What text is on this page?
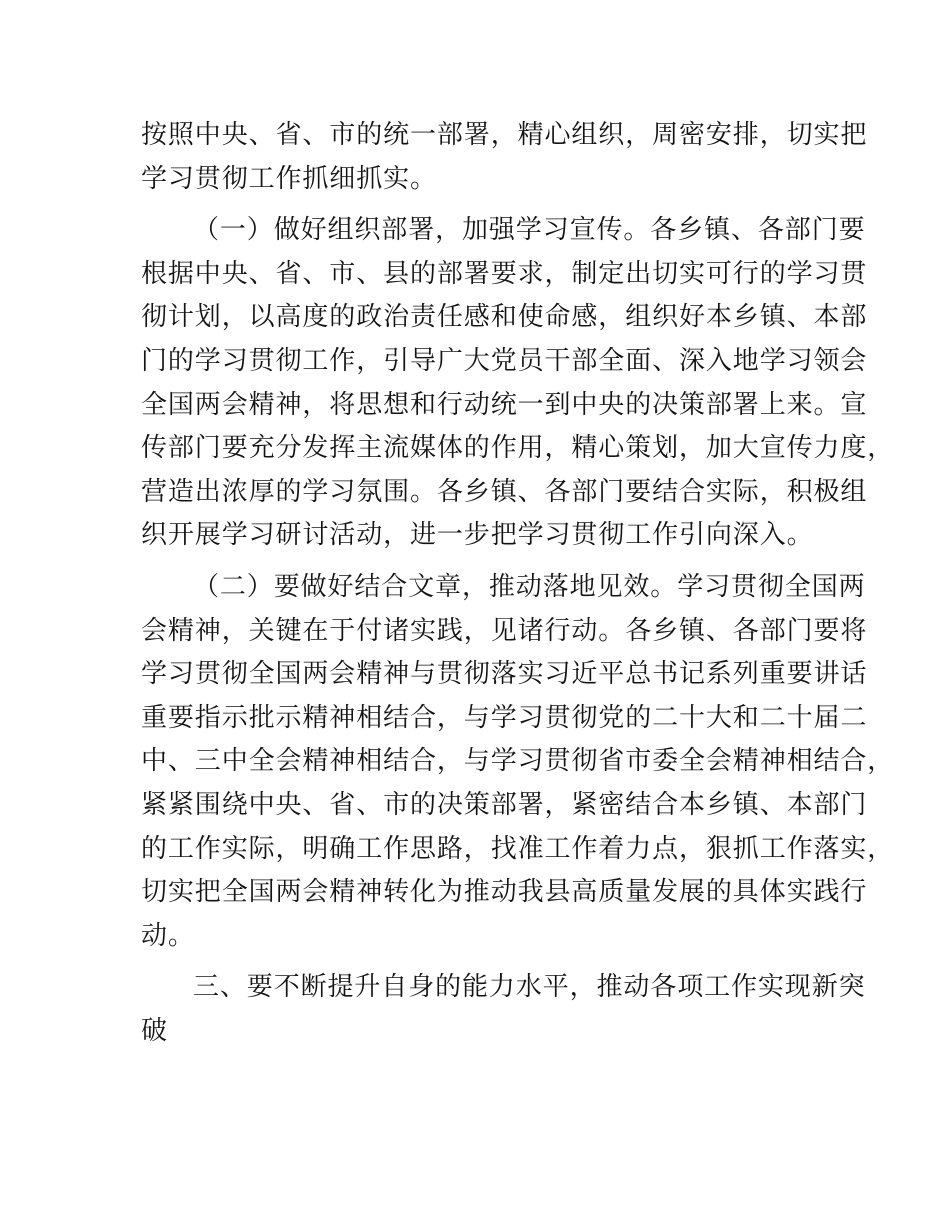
按照中央、省、市的统一部署，精心组织，周密安排，切实把
学习贯彻工作抓细抓实。
（一）做好组织部署，加强学习宣传。各乡镇、各部门要
根据中央、省、市、县的部署要求，制定出切实可行的学习贯
彻计划，以高度的政治责任感和使命感，组织好本乡镇、本部
门的学习贯彻工作，引导广大党员干部全面、深入地学习领会
全国两会精神，将思想和行动统一到中央的决策部署上来。宣
传部门要充分发挥主流媒体的作用，精心策划，加大宣传力度，
营造出浓厚的学习氛围。各乡镇、各部门要结合实际，积极组
织开展学习研讨活动，进一步把学习贯彻工作引向深入。
（二）要做好结合文章，推动落地见效。学习贯彻全国两
会精神，关键在于付诸实践，见诸行动。各乡镇、各部门要将
学习贯彻全国两会精神与贯彻落实习近平总书记系列重要讲话
重要指示批示精神相结合，与学习贯彻党的二十大和二十届二
中、三中全会精神相结合，与学习贯彻省市委全会精神相结合，
紧紧围绕中央、省、市的决策部署，紧密结合本乡镇、本部门
的工作实际，明确工作思路，找准工作着力点，狠抓工作落实，
切实把全国两会精神转化为推动我县高质量发展的具体实践行
动。
三、要不断提升自身的能力水平，推动各项工作实现新突
破
